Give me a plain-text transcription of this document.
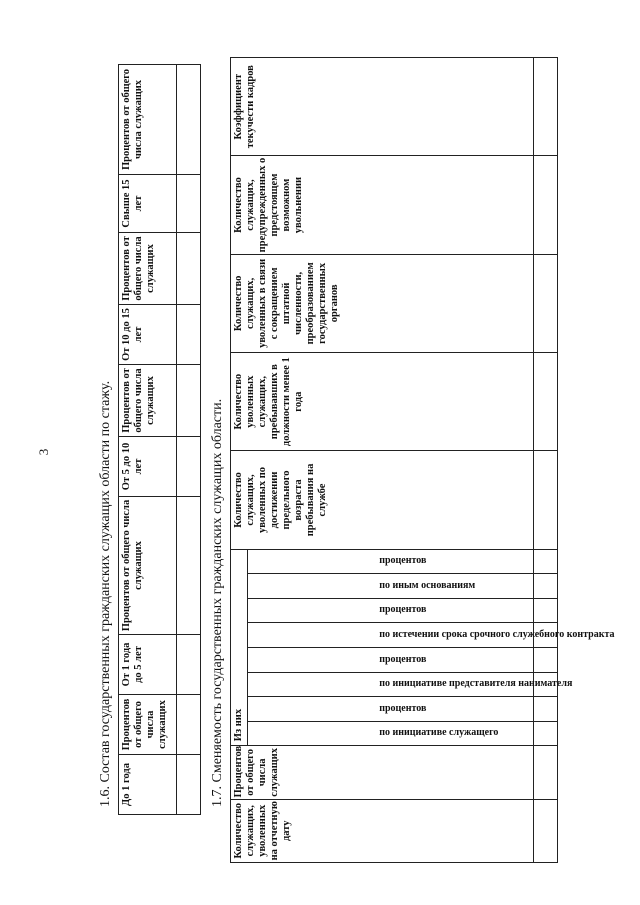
3	1.6. Состав государственных гражданских служащих области по стажу. До 1 года	Процентов от общего числа служащих	От 1 года до 5 лет	Процентов от общего числа служащих	От 5 до 10 лет	Процентов от общего числа служащих	От 10 до 15 лет	Процентов от общего числа служащих	Свыше 15 лет	Процентов от общего числа служащих

1.7. Сменяемость государственных гражданских служащих области.
Количество служащих, уволенных на отчетную дату	Процентов от общего числа служащих	Из них								Количество служащих, уволенных по достижении предельного возраста пребывания на службе	Количество уволенных служащих, пребывавших в должности менее 1 года	Количество служащих, уволенных в связи с сокращением штатной численности, преобразованием государственных органов	Количество служащих, предупрежденных о предстоящем возможном увольнении	Коэффициент текучести кадров

		по инициативе служащего	процентов	по инициативе представителя нанимателя	процентов	по истечении срока срочного служебного контракта	процентов	по иным основаниям	процентов					
